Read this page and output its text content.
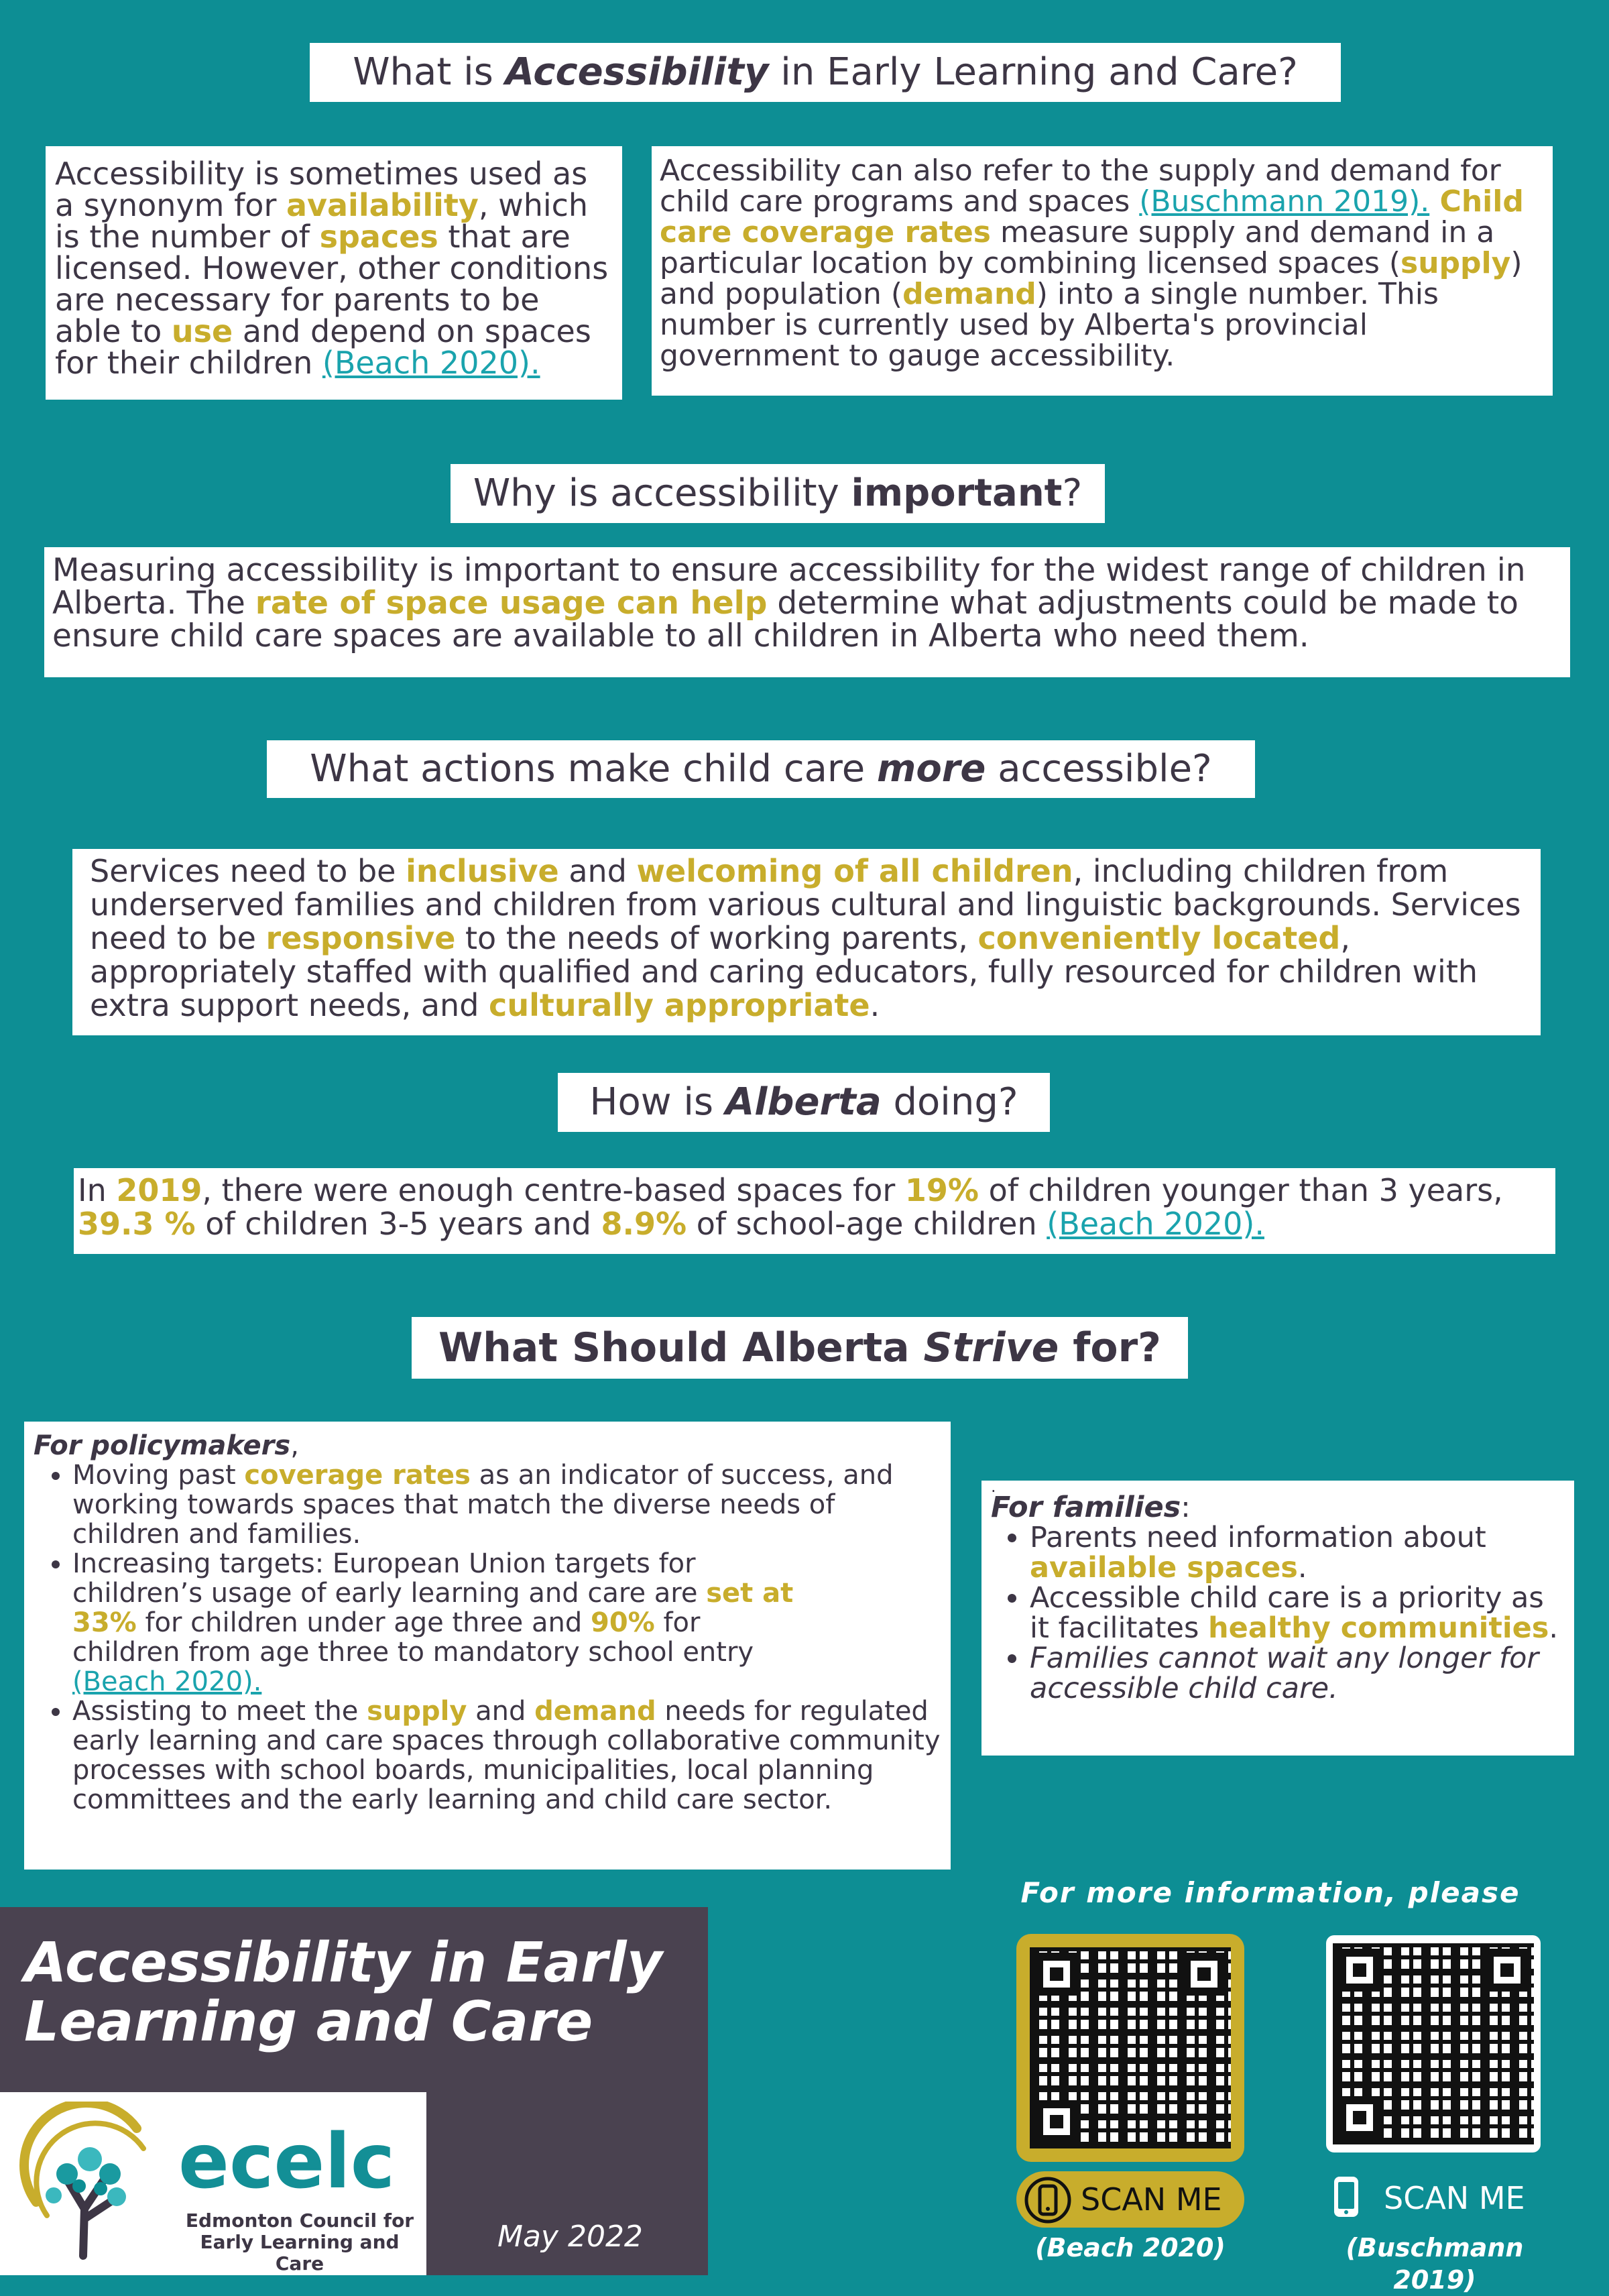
What is Accessibility in Early Learning and Care?
Accessibility is sometimes used as a synonym for availability, which is the number of spaces that are licensed. However, other conditions are necessary for parents to be able to use and depend on spaces for their children (Beach 2020).
Accessibility can also refer to the supply and demand for child care programs and spaces (Buschmann 2019). Child care coverage rates measure supply and demand in a particular location by combining licensed spaces (supply) and population (demand) into a single number. This number is currently used by Alberta's provincial government to gauge accessibility.
Why is accessibility important?
Measuring accessibility is important to ensure accessibility for the widest range of children in Alberta. The rate of space usage can help determine what adjustments could be made to ensure child care spaces are available to all children in Alberta who need them.
What actions make child care more accessible?
Services need to be inclusive and welcoming of all children, including children from underserved families and children from various cultural and linguistic backgrounds. Services need to be responsive to the needs of working parents, conveniently located, appropriately staffed with qualified and caring educators, fully resourced for children with extra support needs, and culturally appropriate.
How is Alberta doing?
In 2019, there were enough centre-based spaces for 19% of children younger than 3 years, 39.3 % of children 3-5 years and 8.9% of school-age children (Beach 2020).
What Should Alberta Strive for?
For policymakers,
• Moving past coverage rates as an indicator of success, and working towards spaces that match the diverse needs of children and families.
• Increasing targets: European Union targets for children’s usage of early learning and care are set at 33% for children under age three and 90% for children from age three to mandatory school entry (Beach 2020).
• Assisting to meet the supply and demand needs for regulated early learning and care spaces through collaborative community processes with school boards, municipalities, local planning committees and the early learning and child care sector.
.
For families:
• Parents need information about available spaces.
• Accessible child care is a priority as it facilitates healthy communities.
• Families cannot wait any longer for accessible child care.
Accessibility in Early
Learning and Care
May 2022
ecelc
Edmonton Council for
Early Learning and Care
For more information, please
SCAN ME
(Beach 2020)
SCAN ME
(Buschmann 2019)
